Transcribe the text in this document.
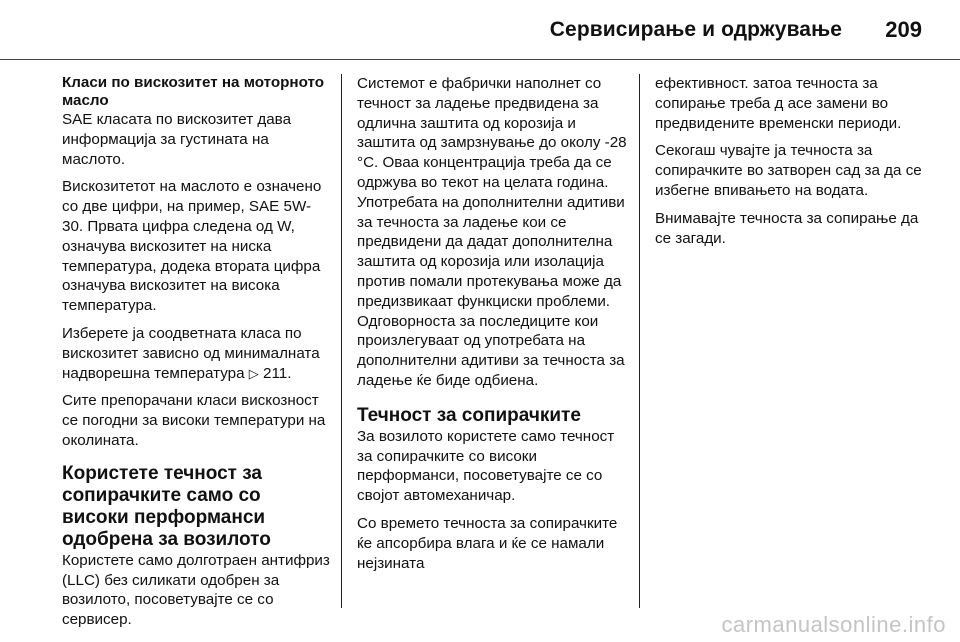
Сервисирање и одржување 209
Класи по вискозитет на моторното масло

SAE класата по вискозитет дава информација за густината на маслото.

Вискозитетот на маслото е означено со две цифри, на пример, SAE 5W-30. Првата цифра следена од W, означува вискозитет на ниска температура, додека втората цифра означува вискозитет на висока температура.

Изберете ја соодветната класа по вискозитет зависно од минималната надворешна температура ▷ 211.

Сите препорачани класи вискозност се погодни за високи температури на околината.

Користете течност за сопирачките само со високи перформанси одобрена за возилото

Користете само долготраен антифриз (LLC) без силикати одобрен за возилото, посоветувајте се со сервисер.

Системот е фабрички наполнет со течност за ладење предвидена за одлична заштита од корозија и заштита од замрзнување до околу -28 °C. Оваа концентрација треба да се одржува во текот на целата година. Употребата на дополнителни адитиви за течноста за ладење кои се предвидени да дадат дополнителна заштита од корозија или изолација против помали протекувања може да предизвикаат функциски проблеми. Одговорноста за последиците кои произлегуваат од употребата на дополнителни адитиви за течноста за ладење ќе биде одбиена.

Течност за сопирачките

За возилото користете само течност за сопирачките со високи перформанси, посоветувајте се со својот автомеханичар.

Со времето течноста за сопирачките ќе апсорбира влага и ќе се намали нејзината

ефективност. затоа течноста за сопирање треба д асе замени во предвидените временски периоди.

Секогаш чувајте ја течноста за сопирачките во затворен сад за да се избегне впивањето на водата.

Внимавајте течноста за сопирање да се загади.

carmanualsonline.info
